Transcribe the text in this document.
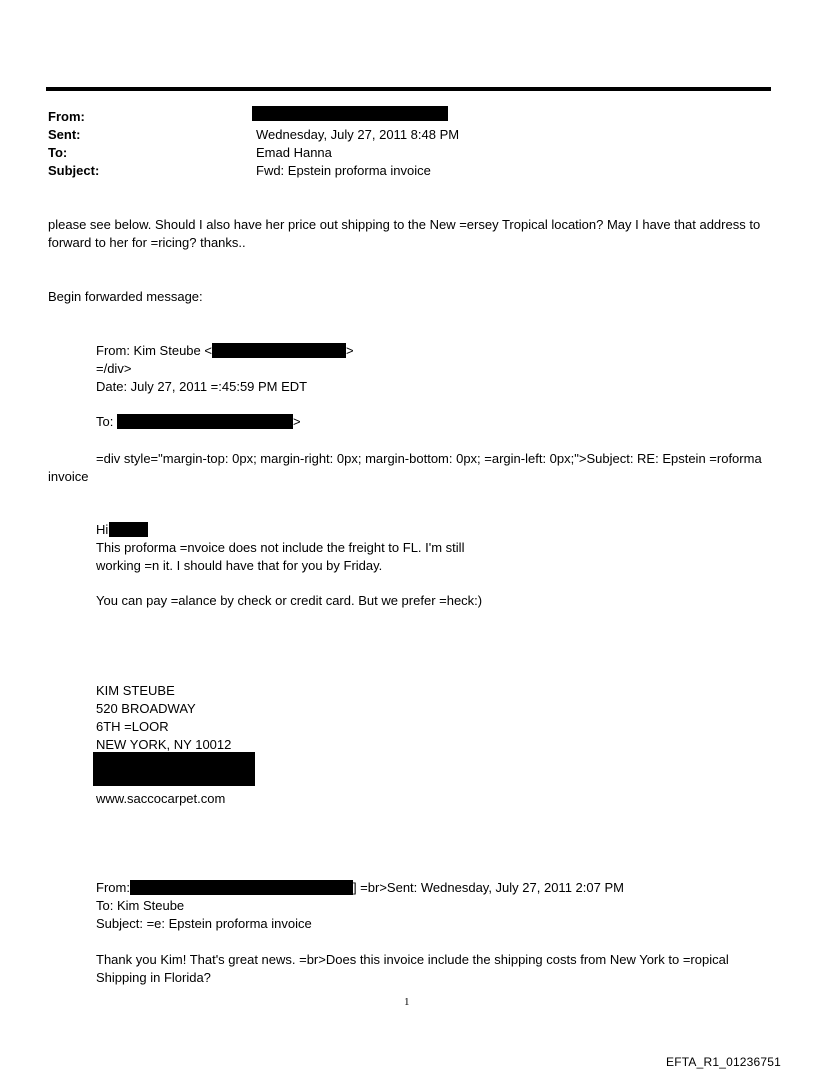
From:
Sent:	Wednesday, July 27, 2011 8:48 PM
To:	Emad Hanna
Subject:	Fwd: Epstein proforma invoice
please see below. Should I also have her price out shipping to the New =ersey Tropical location? May I have that address to forward to her for =ricing? thanks..
Begin forwarded message:
From: Kim Steube <	>
=/div>
Date: July 27, 2011 =:45:59 PM EDT
To:	>
=div style="margin-top: 0px; margin-right: 0px; margin-bottom: 0px; =argin-left: 0px;">Subject: RE: Epstein =roforma invoice
Hi
This proforma =nvoice does not include the freight to FL. I'm still
working =n it. I should have that for you by Friday.
You can pay =alance by check or credit card. But we prefer =heck:)
KIM STEUBE
520 BROADWAY
6TH =LOOR
NEW YORK, NY 10012
www.saccocarpet.com
From:	] =br>Sent: Wednesday, July 27, 2011 2:07 PM
To: Kim Steube
Subject: =e: Epstein proforma invoice
Thank you Kim! That's great news. =br>Does this invoice include the shipping costs from New York to =ropical Shipping in Florida?
1
EFTA_R1_01236751
